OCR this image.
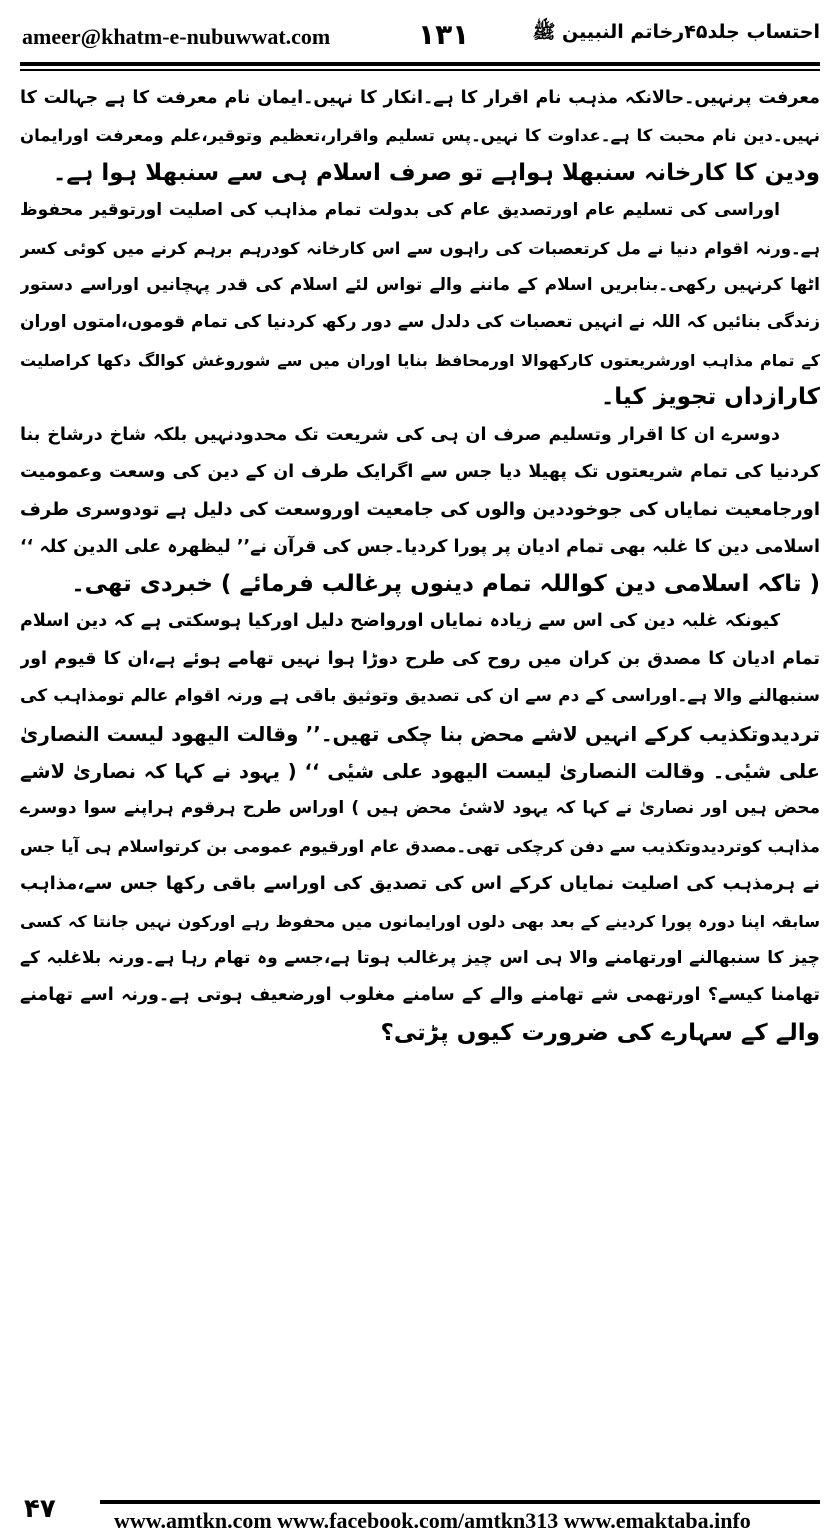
ameer@khatm-e-nubuwwat.com	۱۳۱	احتساب جلد۴۵رخاتم النبیین ﷺ
معرفت پرنہیں۔حالانکہ مذہب نام اقرار کا ہے۔انکار کا نہیں۔ایمان نام معرفت کا ہے جہالت کا
نہیں۔دین نام محبت کا ہے۔عداوت کا نہیں۔پس تسلیم واقرار،تعظیم وتوقیر،علم ومعرفت اورایمان
ودین کا کارخانہ سنبھلا ہواہے تو صرف اسلام ہی سے سنبھلا ہوا ہے۔
اوراسی کی تسلیم عام اورتصدیق عام کی بدولت تمام مذاہب کی اصلیت اورتوقیر محفوظ
ہے۔ورنہ اقوام دنیا نے مل کرتعصبات کی راہوں سے اس کارخانہ کودرہم برہم کرنے میں کوئی کسر
اٹھا کرنہیں رکھی۔بنابریں اسلام کے ماننے والے تواس لئے اسلام کی قدر پہچانیں اوراسے دستور
زندگی بنائیں کہ اللہ نے انہیں تعصبات کی دلدل سے دور رکھ کردنیا کی تمام قوموں،امتوں اوران
کے تمام مذاہب اورشریعتوں کارکھوالا اورمحافظ بنایا اوران میں سے شوروغش کوالگ دکھا کراصلیت
کارازداں تجویز کیا۔
دوسرے ان کا اقرار وتسلیم صرف ان ہی کی شریعت تک محدودنہیں بلکہ شاخ درشاخ بنا
کردنیا کی تمام شریعتوں تک پھیلا دیا جس سے اگرایک طرف ان کے دین کی وسعت وعمومیت
اورجامعیت نمایاں کی جوخوددین والوں کی جامعیت اوروسعت کی دلیل ہے تودوسری طرف
اسلامی دین کا غلبہ بھی تمام ادیان پر پورا کردیا۔جس کی قرآن نے’’ لیظھرہ علی الدین کلہ ‘‘
( تاکہ اسلامی دین کواللہ تمام دینوں پرغالب فرمائے ) خبردی تھی۔
کیونکہ غلبہ دین کی اس سے زیادہ نمایاں اورواضح دلیل اورکیا ہوسکتی ہے کہ دین اسلام
تمام ادیان کا مصدق بن کران میں روح کی طرح دوڑا ہوا نہیں تھامے ہوئے ہے،ان کا قیوم اور
سنبھالنے والا ہے۔اوراسی کے دم سے ان کی تصدیق وتوثیق باقی ہے ورنہ اقوام عالم تومذاہب کی
تردیدوتکذیب کرکے انہیں لاشے محض بنا چکی تھیں۔’’ وقالت الیھود لیست النصاریٰ
علی شیٔی۔ وقالت النصاریٰ لیست الیھود علی شیٔی ‘‘ ( یہود نے کہا کہ نصاریٰ لاشے
محض ہیں اور نصاریٰ نے کہا کہ یہود لاشیٔ محض ہیں ) اوراس طرح ہرقوم ہراپنے سوا دوسرے
مذاہب کوتردیدوتکذیب سے دفن کرچکی تھی۔مصدق عام اورقیوم عمومی بن کرتواسلام ہی آیا جس
نے ہرمذہب کی اصلیت نمایاں کرکے اس کی تصدیق کی اوراسے باقی رکھا جس سے،مذاہب
سابقہ اپنا دورہ پورا کردینے کے بعد بھی دلوں اورایمانوں میں محفوظ رہے اورکون نہیں جانتا کہ کسی
چیز کا سنبھالنے اورتھامنے والا ہی اس چیز پرغالب ہوتا ہے،جسے وہ تھام رہا ہے۔ورنہ بلاغلبہ کے
تھامنا کیسے؟ اورتھمی شے تھامنے والے کے سامنے مغلوب اورضعیف ہوتی ہے۔ورنہ اسے تھامنے
والے کے سہارے کی ضرورت کیوں پڑتی؟
۴۷	www.amtkn.com www.facebook.com/amtkn313 www.emaktaba.info
